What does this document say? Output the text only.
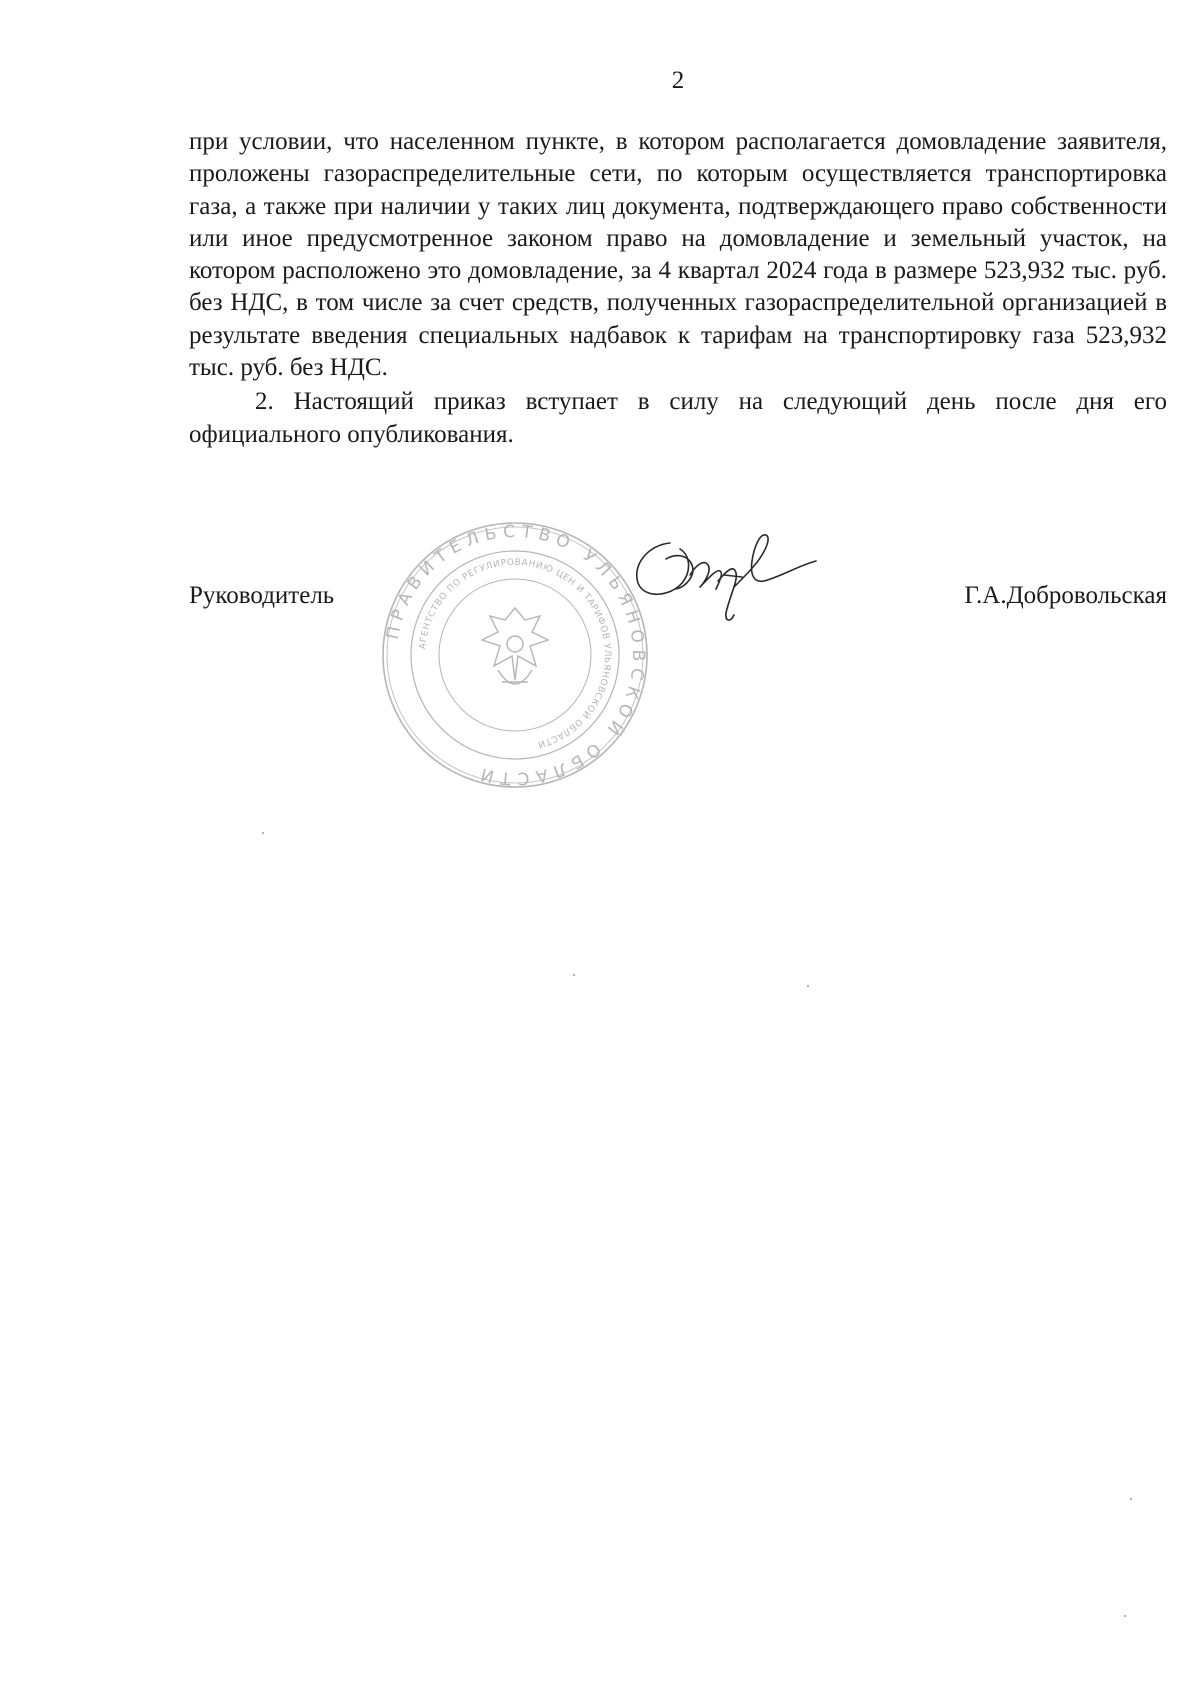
2

при условии, что населенном пункте, в котором располагается домовладение заявителя, проложены газораспределительные сети, по которым осуществляется транспортировка газа, а также при наличии у таких лиц документа, подтверждающего право собственности или иное предусмотренное законом право на домовладение и земельный участок, на котором расположено это домовладение, за 4 квартал 2024 года в размере 523,932 тыс. руб. без НДС, в том числе за счет средств, полученных газораспределительной организацией в результате введения специальных надбавок к тарифам на транспортировку газа 523,932 тыс. руб. без НДС.

2. Настоящий приказ вступает в силу на следующий день после дня его официального опубликования.

ПРАВИТЕЛЬСТВО УЛЬЯНОВСКОЙ ОБЛАСТИ
АГЕНТСТВО ПО РЕГУЛИРОВАНИЮ ЦЕН И ТАРИФОВ УЛЬЯНОВСКОЙ ОБЛАСТИ
Руководитель	Г.А.Добровольская
